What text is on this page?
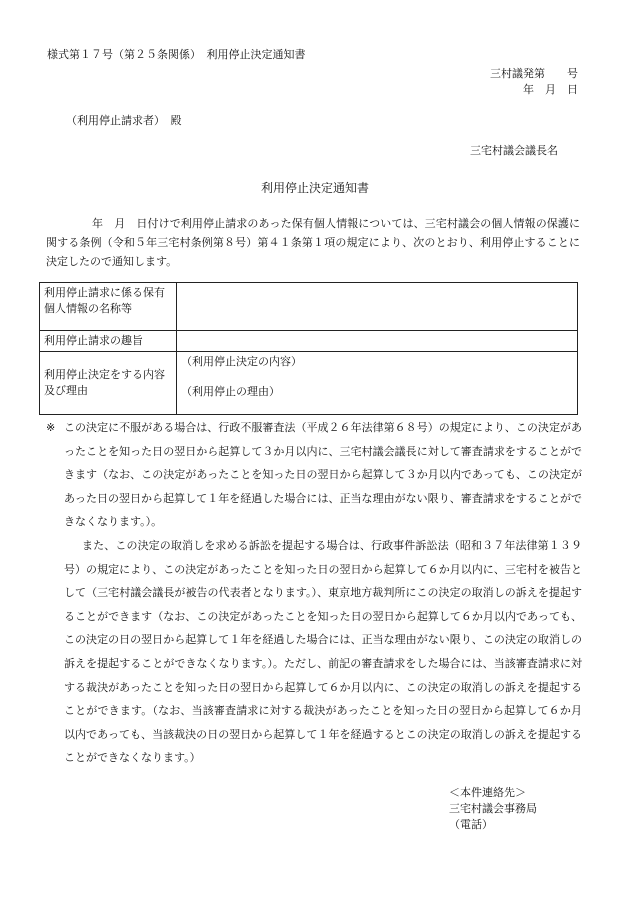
様式第１７号（第２５条関係）　利用停止決定通知書
三村議発第　　号
年　月　日
（利用停止請求者）　殿
三宅村議会議長名
利用停止決定通知書
年　月　日付けで利用停止請求のあった保有個人情報については、三宅村議会の個人情報の保護に関する条例（令和５年三宅村条例第８号）第４１条第１項の規定により、次のとおり、利用停止することに決定したので通知します。
利用停止請求に係る保有個人情報の名称等	
利用停止請求の趣旨	
利用停止決定をする内容及び理由	（利用停止決定の内容）
（利用停止の理由）
※ この決定に不服がある場合は、行政不服審査法（平成２６年法律第６８号）の規定により、この決定があったことを知った日の翌日から起算して３か月以内に、三宅村議会議長に対して審査請求をすることができます（なお、この決定があったことを知った日の翌日から起算して３か月以内であっても、この決定があった日の翌日から起算して１年を経過した場合には、正当な理由がない限り、審査請求をすることができなくなります。）。
また、この決定の取消しを求める訴訟を提起する場合は、行政事件訴訟法（昭和３７年法律第１３９号）の規定により、この決定があったことを知った日の翌日から起算して６か月以内に、三宅村を被告として（三宅村議会議長が被告の代表者となります。）、東京地方裁判所にこの決定の取消しの訴えを提起することができます（なお、この決定があったことを知った日の翌日から起算して６か月以内であっても、この決定の日の翌日から起算して１年を経過した場合には、正当な理由がない限り、この決定の取消しの訴えを提起することができなくなります。）。ただし、前記の審査請求をした場合には、当該審査請求に対する裁決があったことを知った日の翌日から起算して６か月以内に、この決定の取消しの訴えを提起することができます。（なお、当該審査請求に対する裁決があったことを知った日の翌日から起算して６か月以内であっても、当該裁決の日の翌日から起算して１年を経過するとこの決定の取消しの訴えを提起することができなくなります。）
＜本件連絡先＞
三宅村議会事務局
（電話）
